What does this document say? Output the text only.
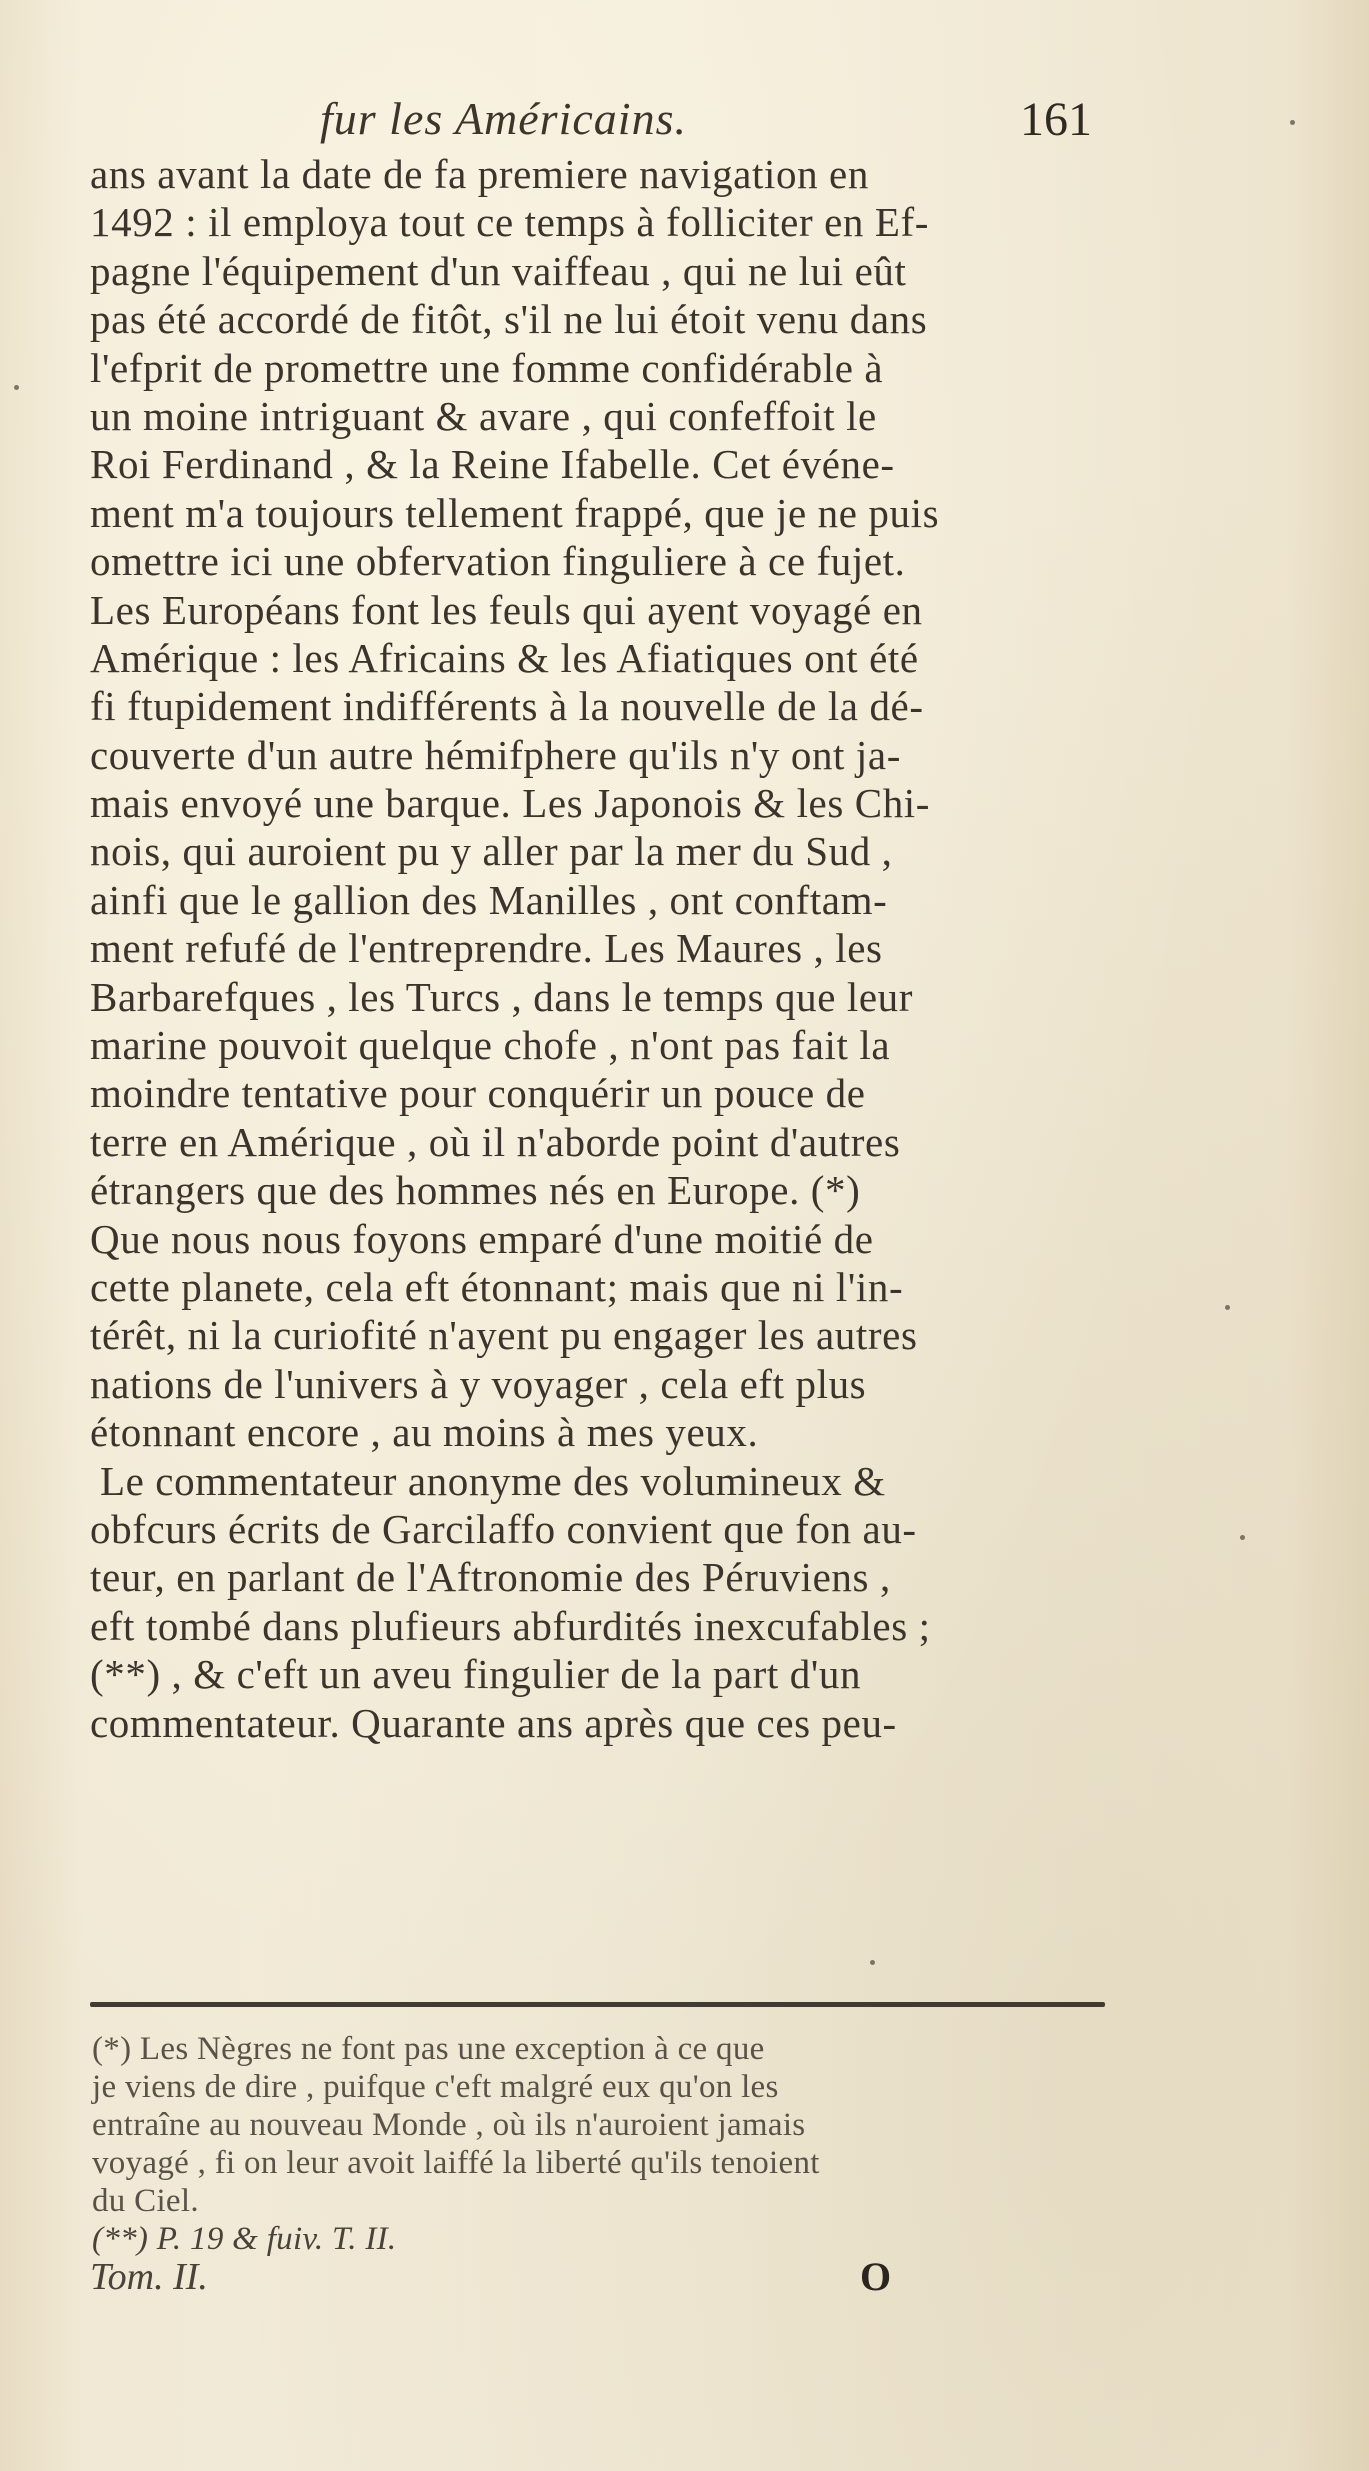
fur les Américains.	161
ans avant la date de fa premiere navigation en
1492 : il employa tout ce temps à folliciter en Ef-
pagne l'équipement d'un vaiffeau , qui ne lui eût
pas été accordé de fitôt, s'il ne lui étoit venu dans
l'efprit de promettre une fomme confidérable à
un moine intriguant & avare , qui confeffoit le
Roi Ferdinand , & la Reine Ifabelle. Cet événe-
ment m'a toujours tellement frappé, que je ne puis
omettre ici une obfervation finguliere à ce fujet.
Les Européans font les feuls qui ayent voyagé en
Amérique : les Africains & les Afiatiques ont été
fi ftupidement indifférents à la nouvelle de la dé-
couverte d'un autre hémifphere qu'ils n'y ont ja-
mais envoyé une barque. Les Japonois & les Chi-
nois, qui auroient pu y aller par la mer du Sud ,
ainfi que le gallion des Manilles , ont conftam-
ment refufé de l'entreprendre. Les Maures , les
Barbarefques , les Turcs , dans le temps que leur
marine pouvoit quelque chofe , n'ont pas fait la
moindre tentative pour conquérir un pouce de
terre en Amérique , où il n'aborde point d'autres
étrangers que des hommes nés en Europe. (*)
Que nous nous foyons emparé d'une moitié de
cette planete, cela eft étonnant; mais que ni l'in-
térêt, ni la curiofité n'ayent pu engager les autres
nations de l'univers à y voyager , cela eft plus
étonnant encore , au moins à mes yeux.
Le commentateur anonyme des volumineux &
obfcurs écrits de Garcilaffo convient que fon au-
teur, en parlant de l'Aftronomie des Péruviens ,
eft tombé dans plufieurs abfurdités inexcufables ;
(**) , & c'eft un aveu fingulier de la part d'un
commentateur. Quarante ans après que ces peu-
(*) Les Nègres ne font pas une exception à ce que
je viens de dire , puifque c'eft malgré eux qu'on les
entraîne au nouveau Monde , où ils n'auroient jamais
voyagé , fi on leur avoit laiffé la liberté qu'ils tenoient
du Ciel.
(**) P. 19 & fuiv. T. II.
Tom. II.	O
